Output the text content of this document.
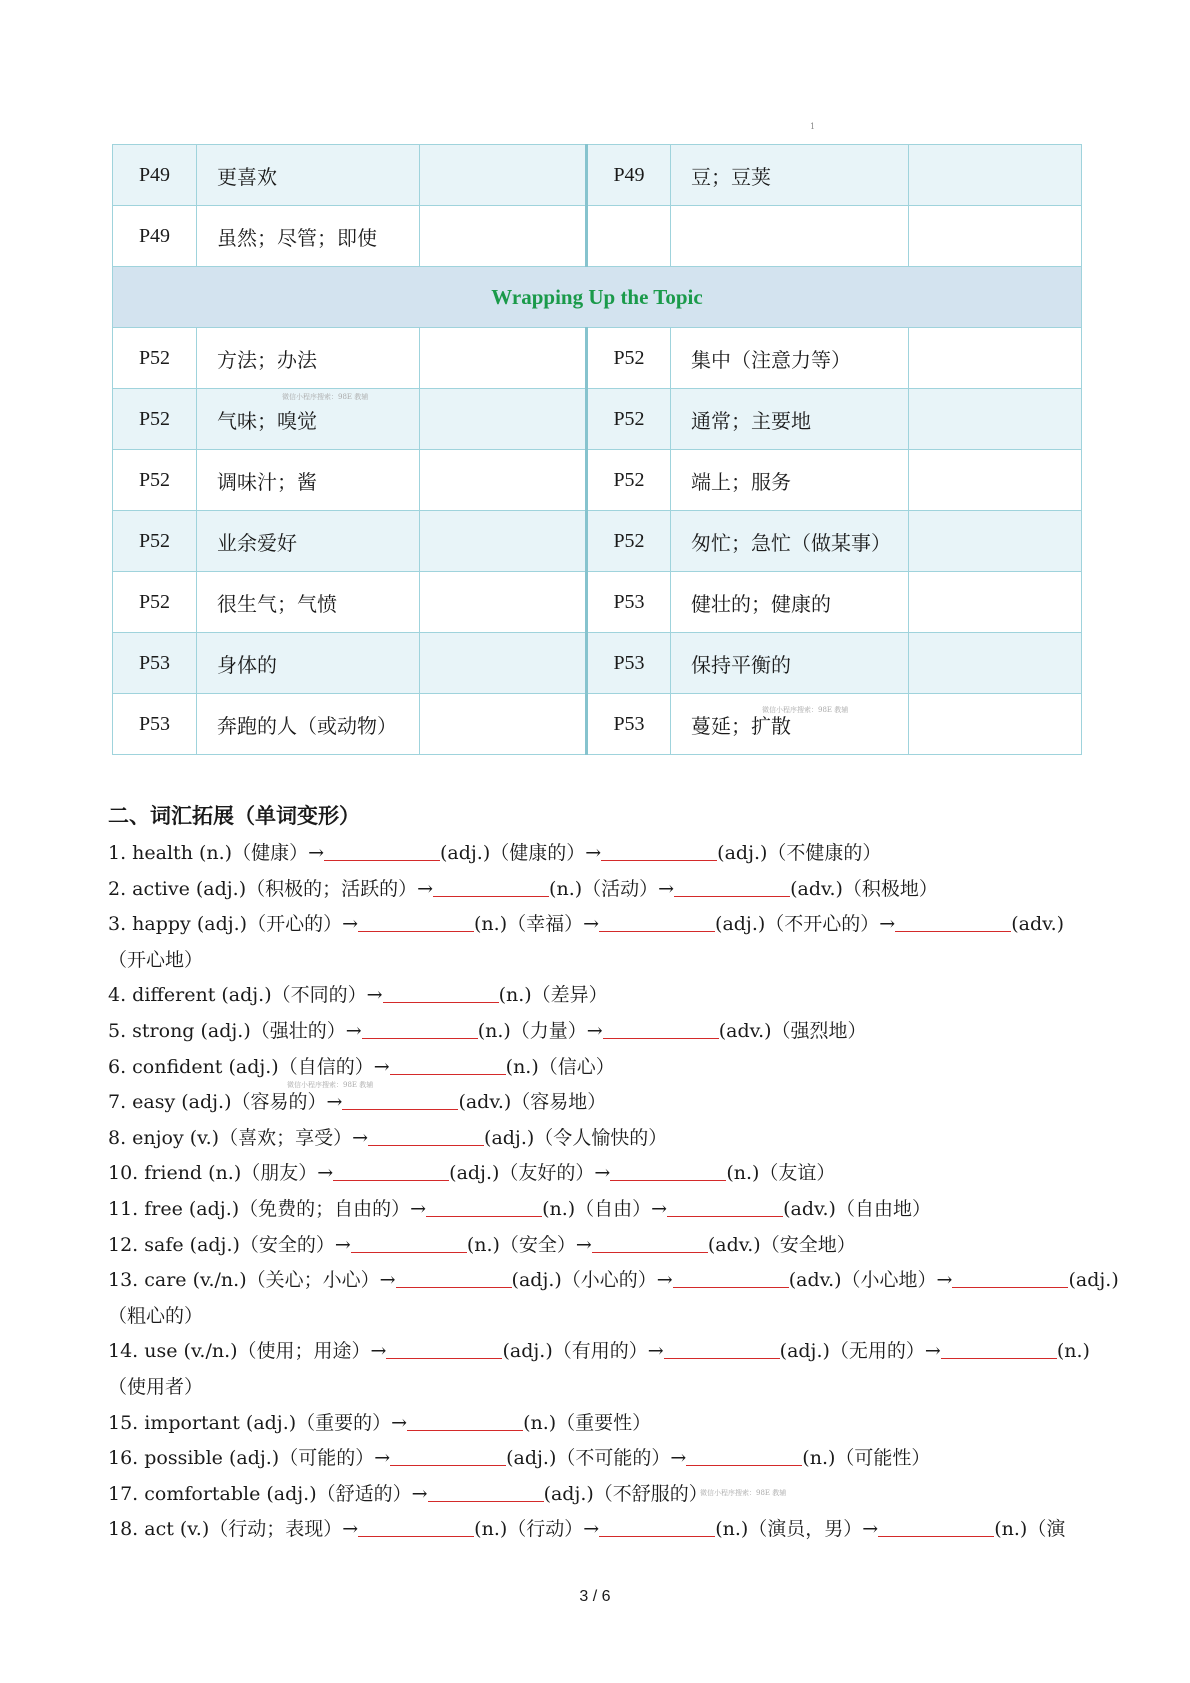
1
P49	更喜欢		P49	豆；豆荚	
P49	虽然；尽管；即使				
Wrapping Up the Topic					
P52	方法；办法		P52	集中（注意力等）	
P52	气味；嗅觉		P52	通常；主要地	
P52	调味汁；酱		P52	端上；服务	
P52	业余爱好		P52	匆忙；急忙（做某事）	
P52	很生气；气愤		P53	健壮的；健康的	
P53	身体的		P53	保持平衡的	
P53	奔跑的人（或动物）		P53	蔓延；扩散	
微信小程序搜索：98E 教辅
微信小程序搜索：98E 教辅
微信小程序搜索：98E 教辅
微信小程序搜索：98E 教辅
二、词汇拓展（单词变形）
1. health (n.)（健康）→	(adj.)（健康的）→	(adj.)（不健康的）
2. active (adj.)（积极的；活跃的）→	(n.)（活动）→	(adv.)（积极地）
3. happy (adj.)（开心的）→	(n.)（幸福）→	(adj.)（不开心的）→	(adv.)
（开心地）
4. different (adj.)（不同的）→	(n.)（差异）
5. strong (adj.)（强壮的）→	(n.)（力量）→	(adv.)（强烈地）
6. confident (adj.)（自信的）→	(n.)（信心）
7. easy (adj.)（容易的）→	(adv.)（容易地）
8. enjoy (v.)（喜欢；享受）→	(adj.)（令人愉快的）
10. friend (n.)（朋友）→	(adj.)（友好的）→	(n.)（友谊）
11. free (adj.)（免费的；自由的）→	(n.)（自由）→	(adv.)（自由地）
12. safe (adj.)（安全的）→	(n.)（安全）→	(adv.)（安全地）
13. care (v./n.)（关心；小心）→	(adj.)（小心的）→	(adv.)（小心地）→	(adj.)
（粗心的）
14. use (v./n.)（使用；用途）→	(adj.)（有用的）→	(adj.)（无用的）→	(n.)
（使用者）
15. important (adj.)（重要的）→	(n.)（重要性）
16. possible (adj.)（可能的）→	(adj.)（不可能的）→	(n.)（可能性）
17. comfortable (adj.)（舒适的）→	(adj.)（不舒服的）
18. act (v.)（行动；表现）→	(n.)（行动）→	(n.)（演员，男）→	(n.)（演
3 / 6
